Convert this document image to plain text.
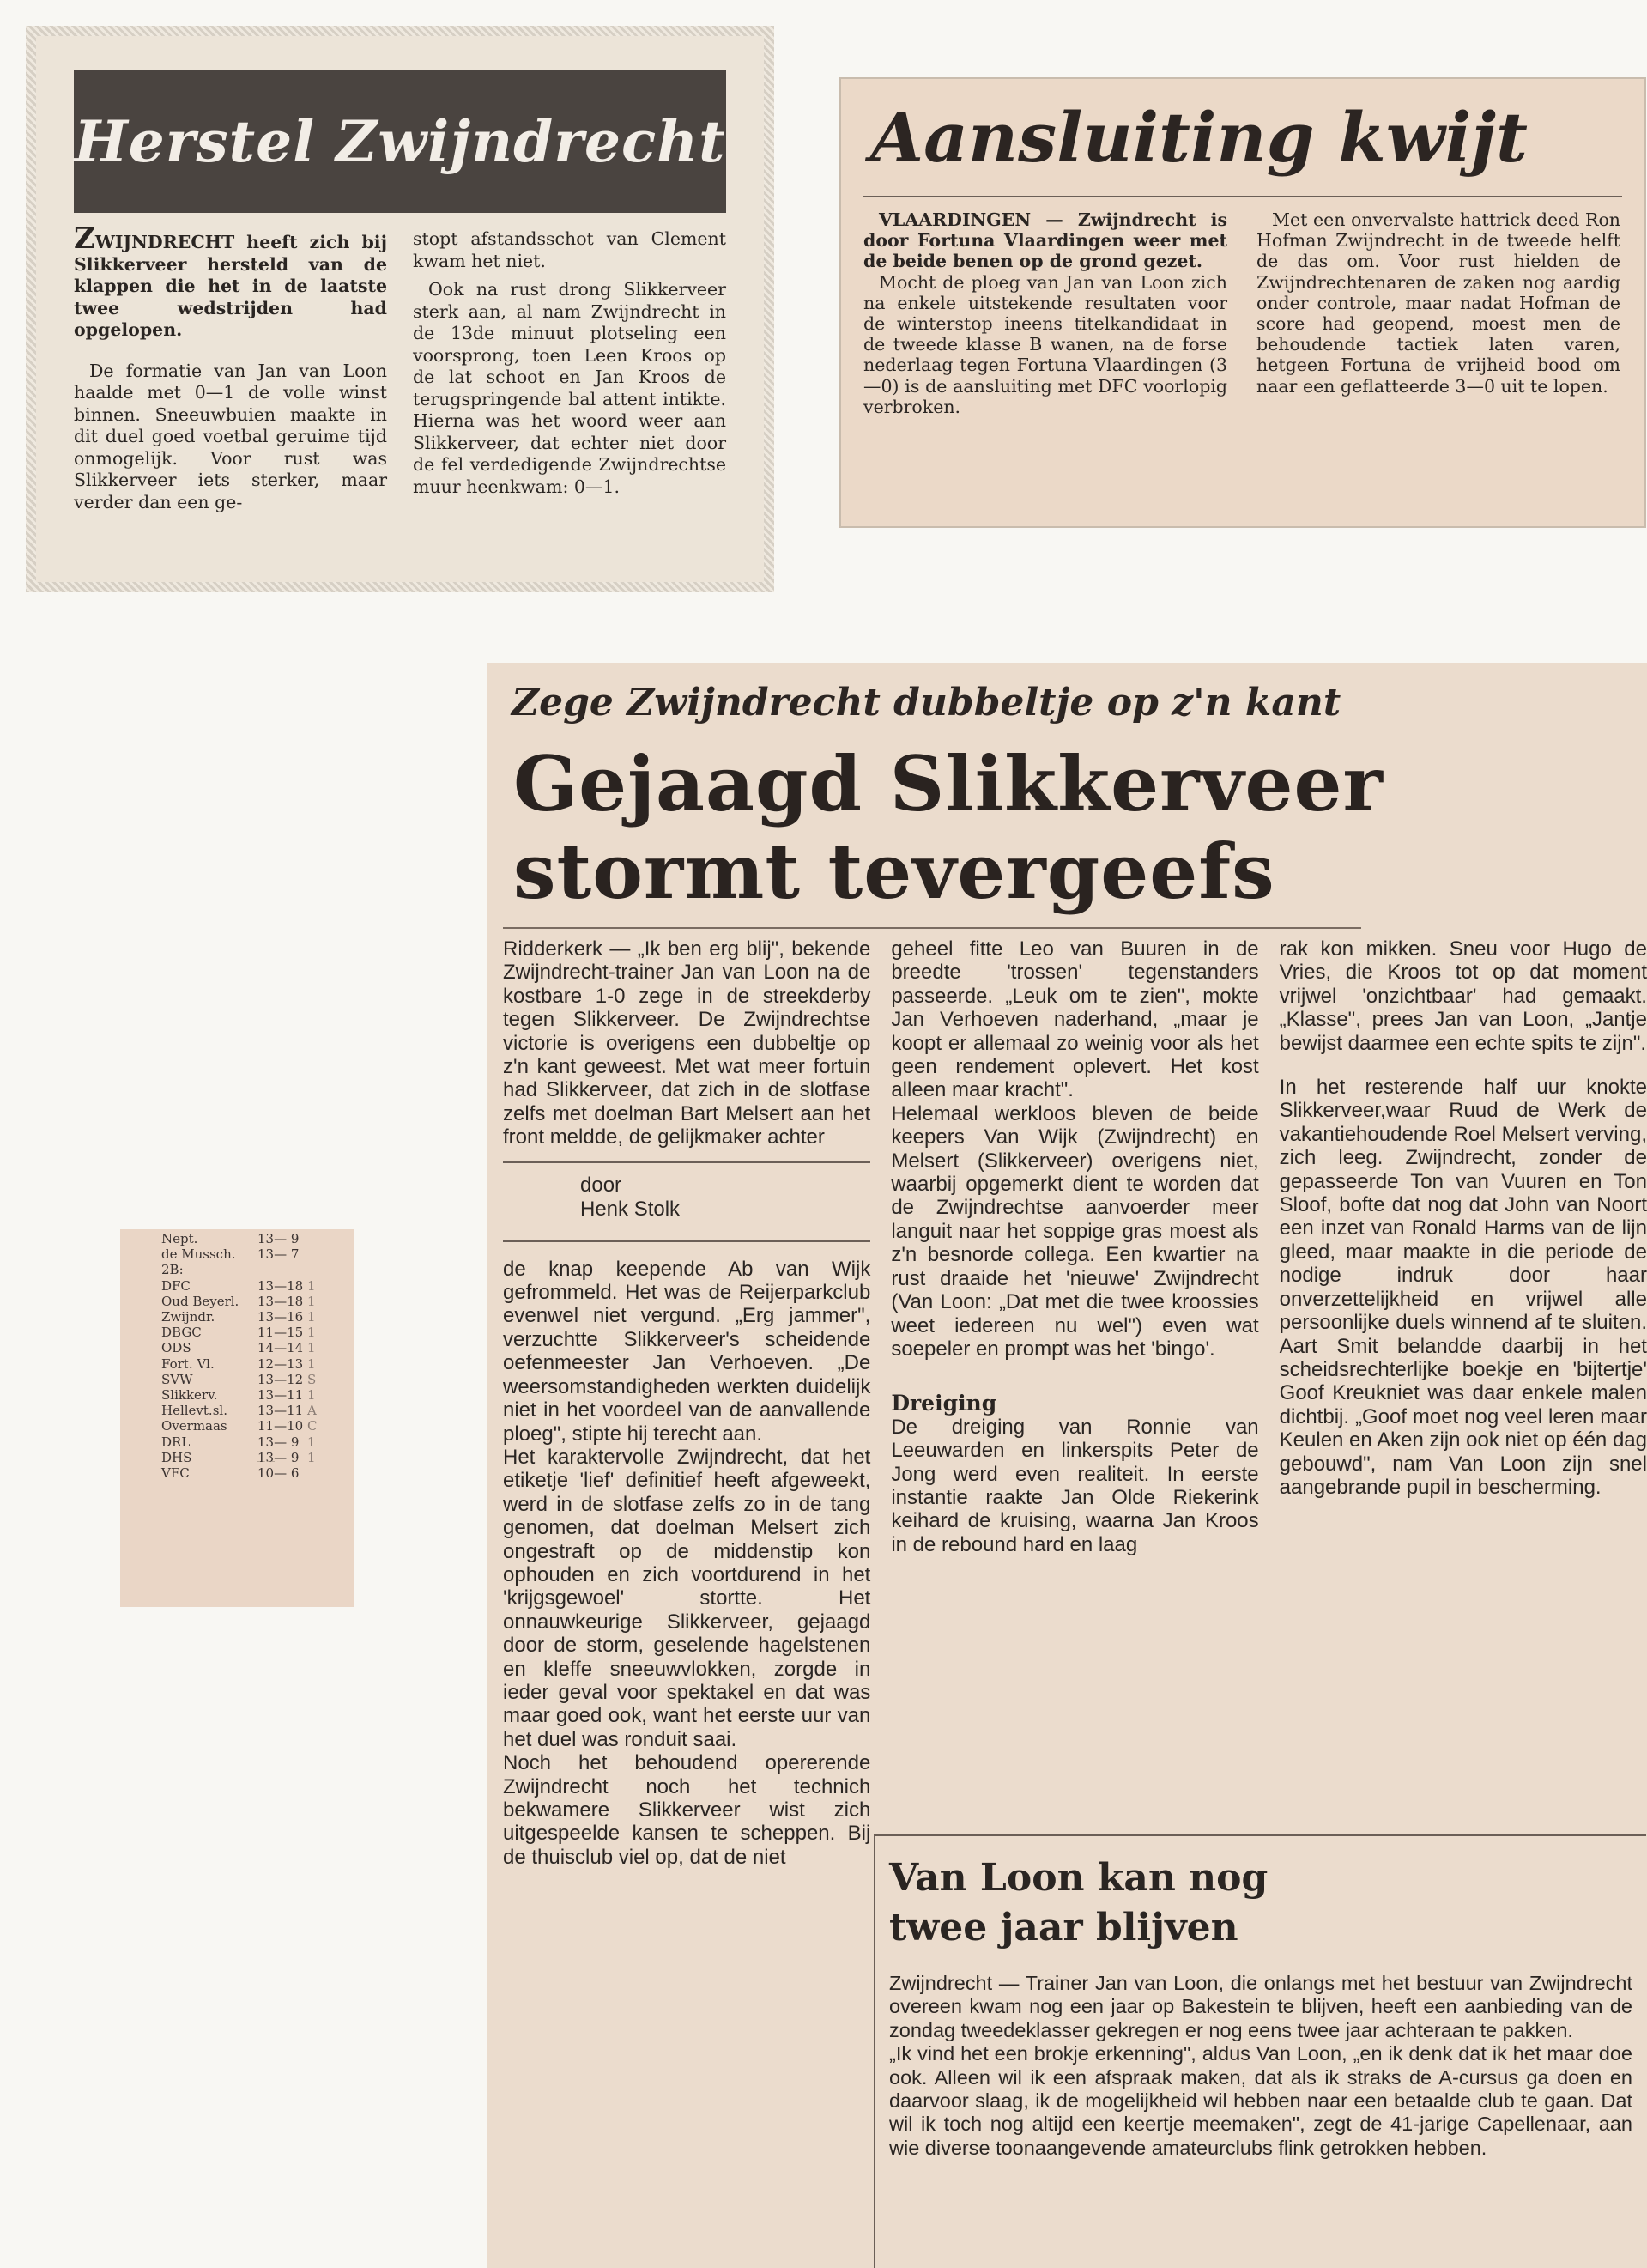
Herstel Zwijndrecht

ZWIJNDRECHT heeft zich bij Slikkerveer hersteld van de klappen die het in de laatste twee wedstrijden had opgelopen.

De formatie van Jan van Loon haalde met 0—1 de volle winst binnen. Sneeuwbuien maakte in dit duel goed voetbal geruime tijd onmogelijk. Voor rust was Slikkerveer iets sterker, maar verder dan een ge-

stopt afstandsschot van Clement kwam het niet.

Ook na rust drong Slikkerveer sterk aan, al nam Zwijndrecht in de 13de minuut plotseling een voorsprong, toen Leen Kroos op de lat schoot en Jan Kroos de terugspringende bal attent intikte. Hierna was het woord weer aan Slikkerveer, dat echter niet door de fel verdedigende Zwijndrechtse muur heenkwam: 0—1.

Aansluiting kwijt

VLAARDINGEN — Zwijndrecht is door Fortuna Vlaardingen weer met de beide benen op de grond gezet.

Mocht de ploeg van Jan van Loon zich na enkele uitstekende resultaten voor de winterstop ineens titelkandidaat in de tweede klasse B wanen, na de forse nederlaag tegen Fortuna Vlaardingen (3—0) is de aansluiting met DFC voorlopig verbroken.

Met een onvervalste hattrick deed Ron Hofman Zwijndrecht in de tweede helft de das om. Voor rust hielden de Zwijndrechtenaren de zaken nog aardig onder controle, maar nadat Hofman de score had geopend, moest men de behoudende tactiek laten varen, hetgeen Fortuna de vrijheid bood om naar een geflatteerde 3—0 uit te lopen.

Nept.	13— 9
de Mussch.	13— 7
2B:
DFC	13—18 1
Oud Beyerl.	13—18 1
Zwijndr.	13—16 1
DBGC	11—15 1
ODS	14—14 1
Fort. Vl.	12—13 1
SVW	13—12 S
Slikkerv.	13—11 1
Hellevt.sl.	13—11 A
Overmaas	11—10 C
DRL	13— 9 1
DHS	13— 9 1
VFC	10— 6
Zege Zwijndrecht dubbeltje op z'n kant
Gejaagd Slikkerveer
stormt tevergeefs

Ridderkerk — „Ik ben erg blij", bekende Zwijndrecht-trainer Jan van Loon na de kostbare 1-0 zege in de streekderby tegen Slikkerveer. De Zwijndrechtse victorie is overigens een dubbeltje op z'n kant geweest. Met wat meer fortuin had Slikkerveer, dat zich in de slotfase zelfs met doelman Bart Melsert aan het front meldde, de gelijkmaker achter

door
Henk Stolk

de knap keepende Ab van Wijk gefrommeld. Het was de Reijerparkclub evenwel niet vergund. „Erg jammer", verzuchtte Slikkerveer's scheidende oefenmeester Jan Verhoeven. „De weersomstandigheden werkten duidelijk niet in het voordeel van de aanvallende ploeg", stipte hij terecht aan.

Het karaktervolle Zwijndrecht, dat het etiketje 'lief' definitief heeft afgeweekt, werd in de slotfase zelfs zo in de tang genomen, dat doelman Melsert zich ongestraft op de middenstip kon ophouden en zich voortdurend in het 'krijgsgewoel' stortte. Het onnauwkeurige Slikkerveer, gejaagd door de storm, geselende hagelstenen en kleffe sneeuwvlokken, zorgde in ieder geval voor spektakel en dat was maar goed ook, want het eerste uur van het duel was ronduit saai.

Noch het behoudend opererende Zwijndrecht noch het technich bekwamere Slikkerveer wist zich uitgespeelde kansen te scheppen. Bij de thuisclub viel op, dat de niet

geheel fitte Leo van Buuren in de breedte 'trossen' tegenstanders passeerde. „Leuk om te zien", mokte Jan Verhoeven naderhand, „maar je koopt er allemaal zo weinig voor als het geen rendement oplevert. Het kost alleen maar kracht".

Helemaal werkloos bleven de beide keepers Van Wijk (Zwijndrecht) en Melsert (Slikkerveer) overigens niet, waarbij opgemerkt dient te worden dat de Zwijndrechtse aanvoerder meer languit naar het soppige gras moest als z'n besnorde collega. Een kwartier na rust draaide het 'nieuwe' Zwijndrecht (Van Loon: „Dat met die twee kroossies weet iedereen nu wel") even wat soepeler en prompt was het 'bingo'.

Dreiging

De dreiging van Ronnie van Leeuwarden en linkerspits Peter de Jong werd even realiteit. In eerste instantie raakte Jan Olde Riekerink keihard de kruising, waarna Jan Kroos in de rebound hard en laag

rak kon mikken. Sneu voor Hugo de Vries, die Kroos tot op dat moment vrijwel 'onzichtbaar' had gemaakt. „Klasse", prees Jan van Loon, „Jantje bewijst daarmee een echte spits te zijn".

In het resterende half uur knokte Slikkerveer,waar Ruud de Werk de vakantiehoudende Roel Melsert verving, zich leeg. Zwijndrecht, zonder de gepasseerde Ton van Vuuren en Ton Sloof, bofte dat nog dat John van Noort een inzet van Ronald Harms van de lijn gleed, maar maakte in die periode de nodige indruk door haar onverzettelijkheid en vrijwel alle persoonlijke duels winnend af te sluiten. Aart Smit belandde daarbij in het scheidsrechterlijke boekje en 'bijtertje' Goof Kreukniet was daar enkele malen dichtbij. „Goof moet nog veel leren maar Keulen en Aken zijn ook niet op één dag gebouwd", nam Van Loon zijn snel aangebrande pupil in bescherming.

Van Loon kan nog
twee jaar blijven

Zwijndrecht — Trainer Jan van Loon, die onlangs met het bestuur van Zwijndrecht overeen kwam nog een jaar op Bakestein te blijven, heeft een aanbieding van de zondag tweedeklasser gekregen er nog eens twee jaar achteraan te pakken.

„Ik vind het een brokje erkenning", aldus Van Loon, „en ik denk dat ik het maar doe ook. Alleen wil ik een afspraak maken, dat als ik straks de A-cursus ga doen en daarvoor slaag, ik de mogelijkheid wil hebben naar een betaalde club te gaan. Dat wil ik toch nog altijd een keertje meemaken", zegt de 41-jarige Capellenaar, aan wie diverse toonaangevende amateurclubs flink getrokken hebben.
